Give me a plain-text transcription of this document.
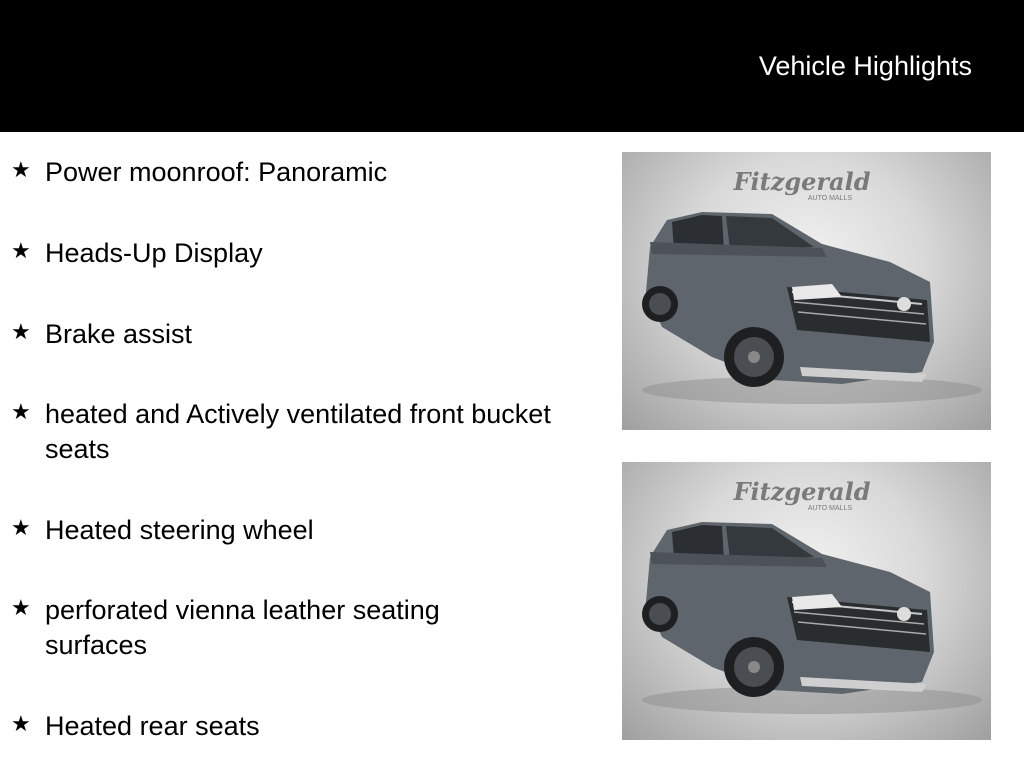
Vehicle Highlights
★ Power moonroof: Panoramic
★ Heads-Up Display
★ Brake assist
★ heated and Actively ventilated front bucket seats
★ Heated steering wheel
★ perforated vienna leather seating surfaces
★ Heated rear seats
Fitzgerald
AUTO MALLS
Fitzgerald
AUTO MALLS
